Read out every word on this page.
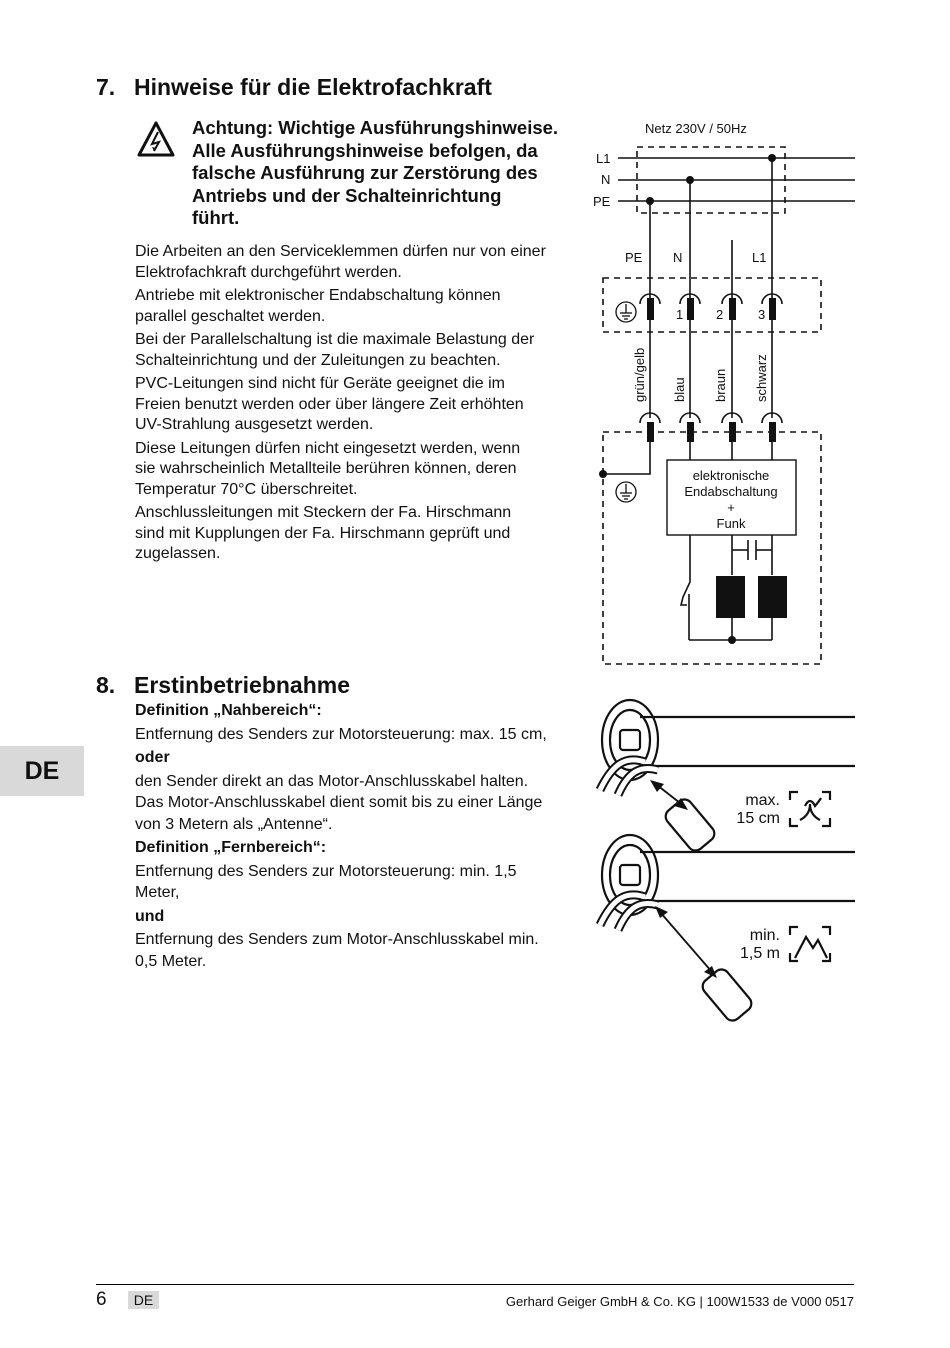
7. Hinweise für die Elektrofachkraft
Achtung: Wichtige Ausführungshinweise.
Alle Ausführungshinweise befolgen, da
falsche Ausführung zur Zerstörung des
Antriebs und der Schalteinrichtung
führt.

Die Arbeiten an den Serviceklemmen dürfen nur von einer
Elektrofachkraft durchgeführt werden.

Antriebe mit elektronischer Endabschaltung können
parallel geschaltet werden.

Bei der Parallelschaltung ist die maximale Belastung der
Schalteinrichtung und der Zuleitungen zu beachten.

PVC-Leitungen sind nicht für Geräte geeignet die im
Freien benutzt werden oder über längere Zeit erhöhten
UV-Strahlung ausgesetzt werden.

Diese Leitungen dürfen nicht eingesetzt werden, wenn
sie wahrscheinlich Metallteile berühren können, deren
Temperatur 70°C überschreitet.

Anschlussleitungen mit Steckern der Fa. Hirschmann
sind mit Kupplungen der Fa. Hirschmann geprüft und
zugelassen.

Netz 230V / 50Hz
L1
N
PE
PE N	L1
1	2	3
grün/gelb blau braun schwarz
elektronische
Endabschaltung
+
Funk
8. Erstinbetriebnahme
DE

Definition „Nahbereich“:

Entfernung des Senders zur Motorsteuerung: max. 15 cm,

oder

den Sender direkt an das Motor-Anschlusskabel halten.
Das Motor-Anschlusskabel dient somit bis zu einer Länge
von 3 Metern als „Antenne“.

Definition „Fernbereich“:

Entfernung des Senders zur Motorsteuerung: min. 1,5
Meter,

und

Entfernung des Senders zum Motor-Anschlusskabel min.
0,5 Meter.

max.
15 cm
min.
1,5 m
6	DE	Gerhard Geiger GmbH & Co. KG | 100W1533 de V000 0517
